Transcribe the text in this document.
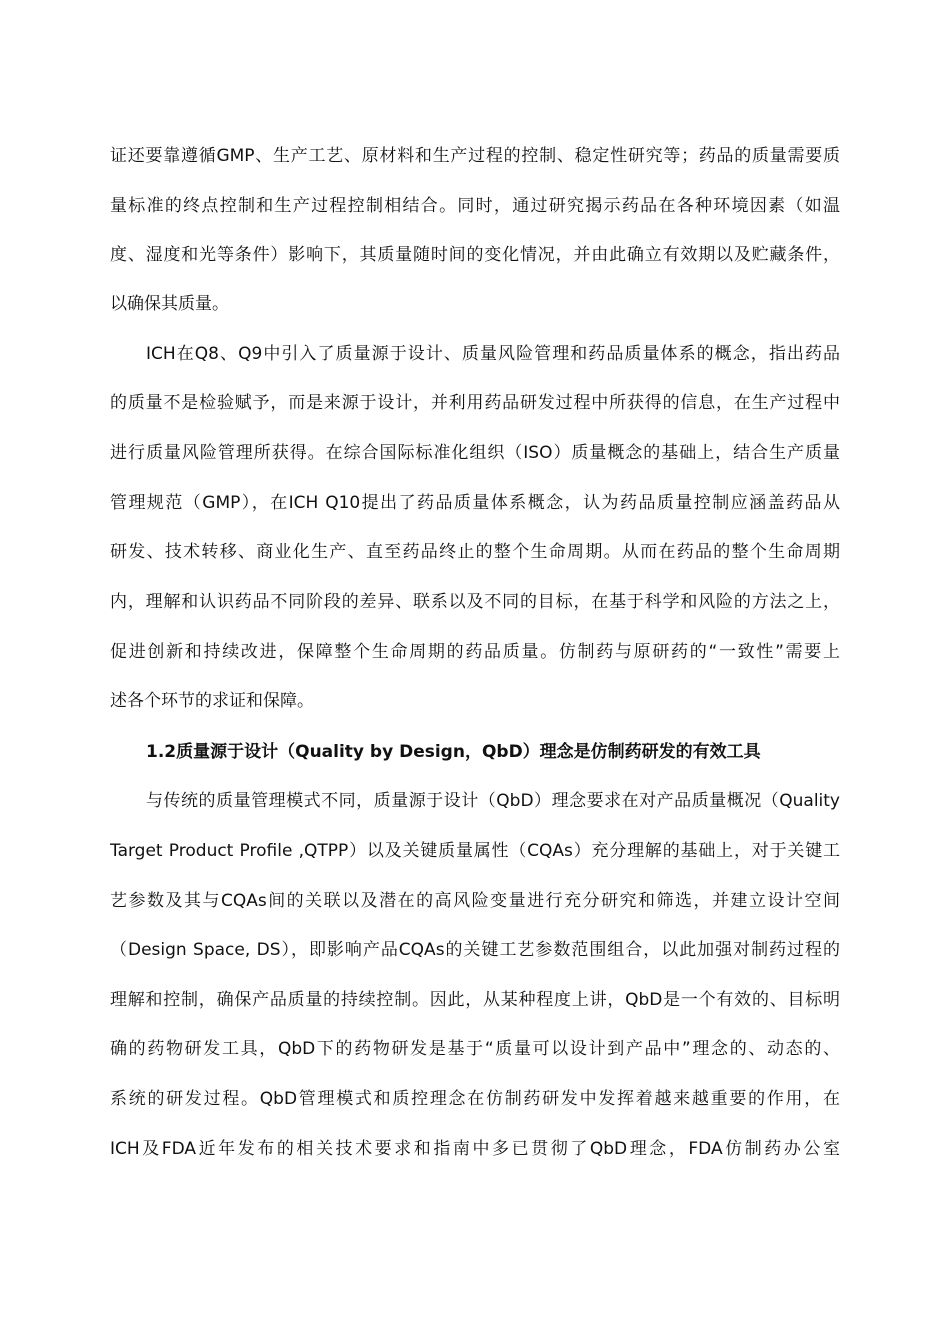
证还要靠遵循GMP、生产工艺、原材料和生产过程的控制、稳定性研究等；药品的质量需要质
量标准的终点控制和生产过程控制相结合。同时，通过研究揭示药品在各种环境因素（如温
度、湿度和光等条件）影响下，其质量随时间的变化情况，并由此确立有效期以及贮藏条件，
以确保其质量。
ICH在Q8、Q9中引入了质量源于设计、质量风险管理和药品质量体系的概念，指出药品
的质量不是检验赋予，而是来源于设计，并利用药品研发过程中所获得的信息，在生产过程中
进行质量风险管理所获得。在综合国际标准化组织（ISO）质量概念的基础上，结合生产质量
管理规范（GMP），在ICH Q10提出了药品质量体系概念，认为药品质量控制应涵盖药品从
研发、技术转移、商业化生产、直至药品终止的整个生命周期。从而在药品的整个生命周期
内，理解和认识药品不同阶段的差异、联系以及不同的目标，在基于科学和风险的方法之上，
促进创新和持续改进，保障整个生命周期的药品质量。仿制药与原研药的“一致性”需要上
述各个环节的求证和保障。
1.2质量源于设计（Quality by Design，QbD）理念是仿制药研发的有效工具
与传统的质量管理模式不同，质量源于设计（QbD）理念要求在对产品质量概况（Quality
Target Product Profile ,QTPP）以及关键质量属性（CQAs）充分理解的基础上，对于关键工
艺参数及其与CQAs间的关联以及潜在的高风险变量进行充分研究和筛选，并建立设计空间
（Design Space, DS），即影响产品CQAs的关键工艺参数范围组合，以此加强对制药过程的
理解和控制，确保产品质量的持续控制。因此，从某种程度上讲，QbD是一个有效的、目标明
确的药物研发工具，QbD下的药物研发是基于“质量可以设计到产品中”理念的、动态的、
系统的研发过程。QbD管理模式和质控理念在仿制药研发中发挥着越来越重要的作用，在
ICH及FDA近年发布的相关技术要求和指南中多已贯彻了QbD理念，FDA仿制药办公室
